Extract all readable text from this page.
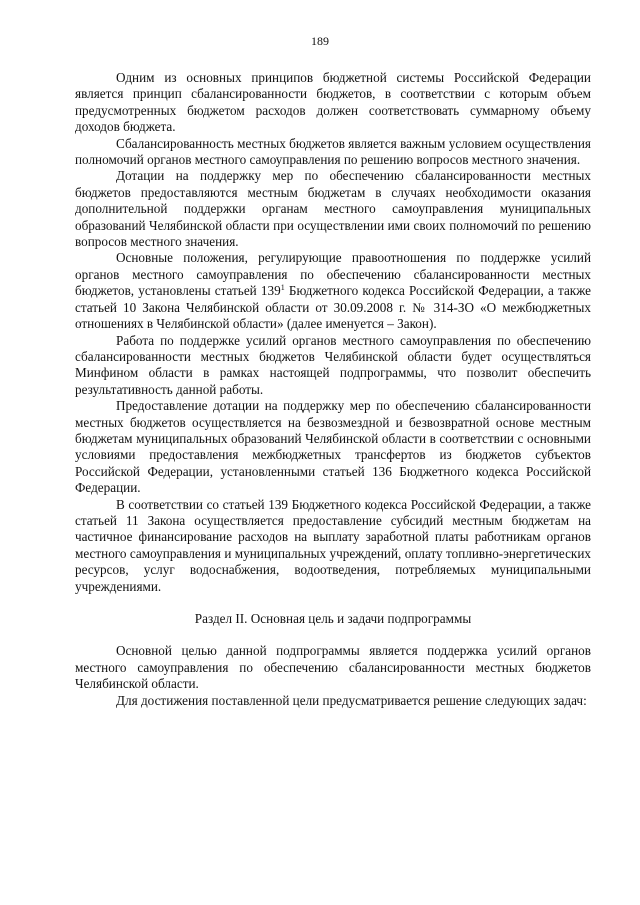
189

Одним из основных принципов бюджетной системы Российской Федерации является принцип сбалансированности бюджетов, в соответствии с которым объем предусмотренных бюджетом расходов должен соответствовать суммарному объему доходов бюджета.

Сбалансированность местных бюджетов является важным условием осуществления полномочий органов местного самоуправления по решению вопросов местного значения.

Дотации на поддержку мер по обеспечению сбалансированности местных бюджетов предоставляются местным бюджетам в случаях необходимости оказания дополнительной поддержки органам местного самоуправления муниципальных образований Челябинской области при осуществлении ими своих полномочий по решению вопросов местного значения.

Основные положения, регулирующие правоотношения по поддержке усилий органов местного самоуправления по обеспечению сбалансированности местных бюджетов, установлены статьей $139^1$ Бюджетного кодекса Российской Федерации, а также статьей 10 Закона Челябинской области от 30.09.2008 г. № 314-ЗО «О межбюджетных отношениях в Челябинской области» (далее именуется – Закон).

Работа по поддержке усилий органов местного самоуправления по обеспечению сбалансированности местных бюджетов Челябинской области будет осуществляться Минфином области в рамках настоящей подпрограммы, что позволит обеспечить результативность данной работы.

Предоставление дотации на поддержку мер по обеспечению сбалансированности местных бюджетов осуществляется на безвозмездной и безвозвратной основе местным бюджетам муниципальных образований Челябинской области в соответствии с основными условиями предоставления межбюджетных трансфертов из бюджетов субъектов Российской Федерации, установленными статьей 136 Бюджетного кодекса Российской Федерации.

В соответствии со статьей 139 Бюджетного кодекса Российской Федерации, а также статьей 11 Закона осуществляется предоставление субсидий местным бюджетам на частичное финансирование расходов на выплату заработной платы работникам органов местного самоуправления и муниципальных учреждений, оплату топливно-энергетических ресурсов, услуг водоснабжения, водоотведения, потребляемых муниципальными учреждениями.

Раздел II. Основная цель и задачи подпрограммы

Основной целью данной подпрограммы является поддержка усилий органов местного самоуправления по обеспечению сбалансированности местных бюджетов Челябинской области.

Для достижения поставленной цели предусматривается решение следующих задач:
